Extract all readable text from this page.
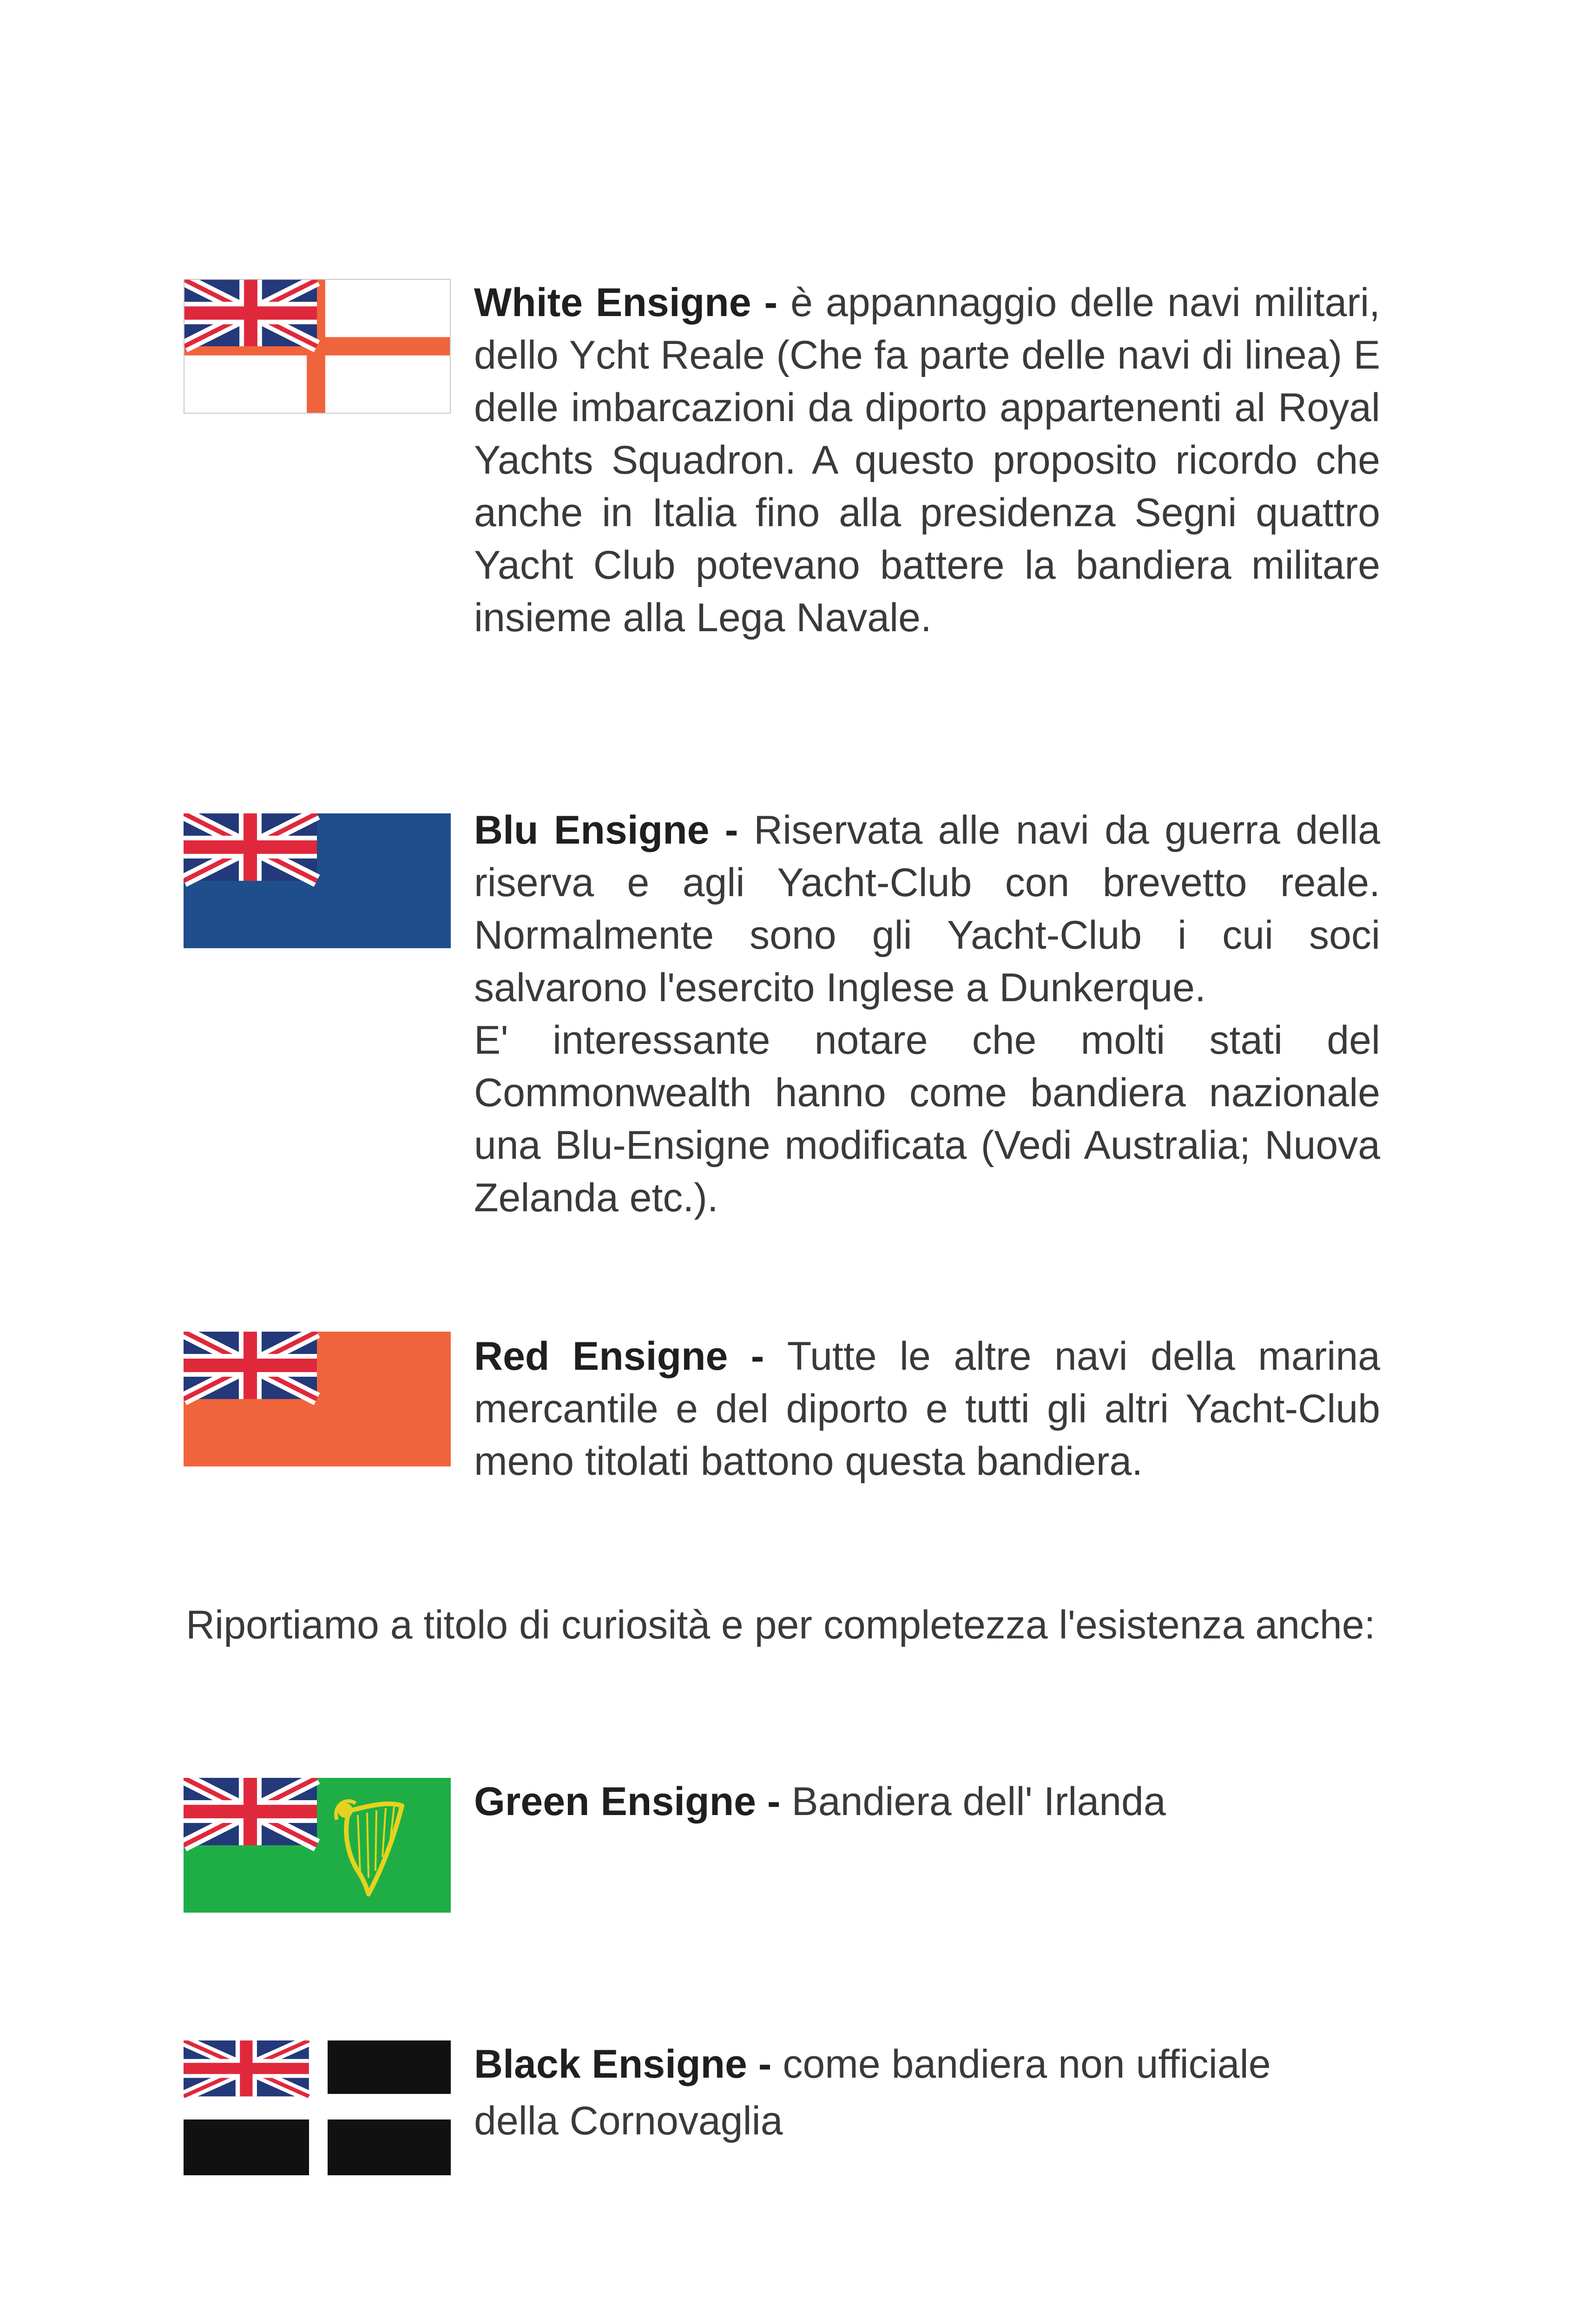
White Ensigne - è appannaggio delle navi militari, dello Ycht Reale (Che fa parte delle navi di linea) E delle imbarcazioni da diporto appartenenti al Royal Yachts Squadron. A questo proposito ricordo che anche in Italia fino alla presidenza Segni quattro Yacht Club potevano battere la bandiera militare insieme alla Lega Navale.
Blu Ensigne - Riservata alle navi da guerra della riserva e agli Yacht-Club con brevetto reale. Normalmente sono gli Yacht-Club i cui soci salvarono l'esercito Inglese a Dunkerque.
E' interessante notare che molti stati del Commonwealth hanno come bandiera nazionale una Blu-Ensigne modificata (Vedi Australia; Nuova Zelanda etc.).
Red Ensigne - Tutte le altre navi della marina mercantile e del diporto e tutti gli altri Yacht-Club meno titolati battono questa bandiera.
Riportiamo a titolo di curiosità e per completezza l'esistenza anche:
Green Ensigne - Bandiera dell' Irlanda
Black Ensigne - come bandiera non ufficiale della Cornovaglia
